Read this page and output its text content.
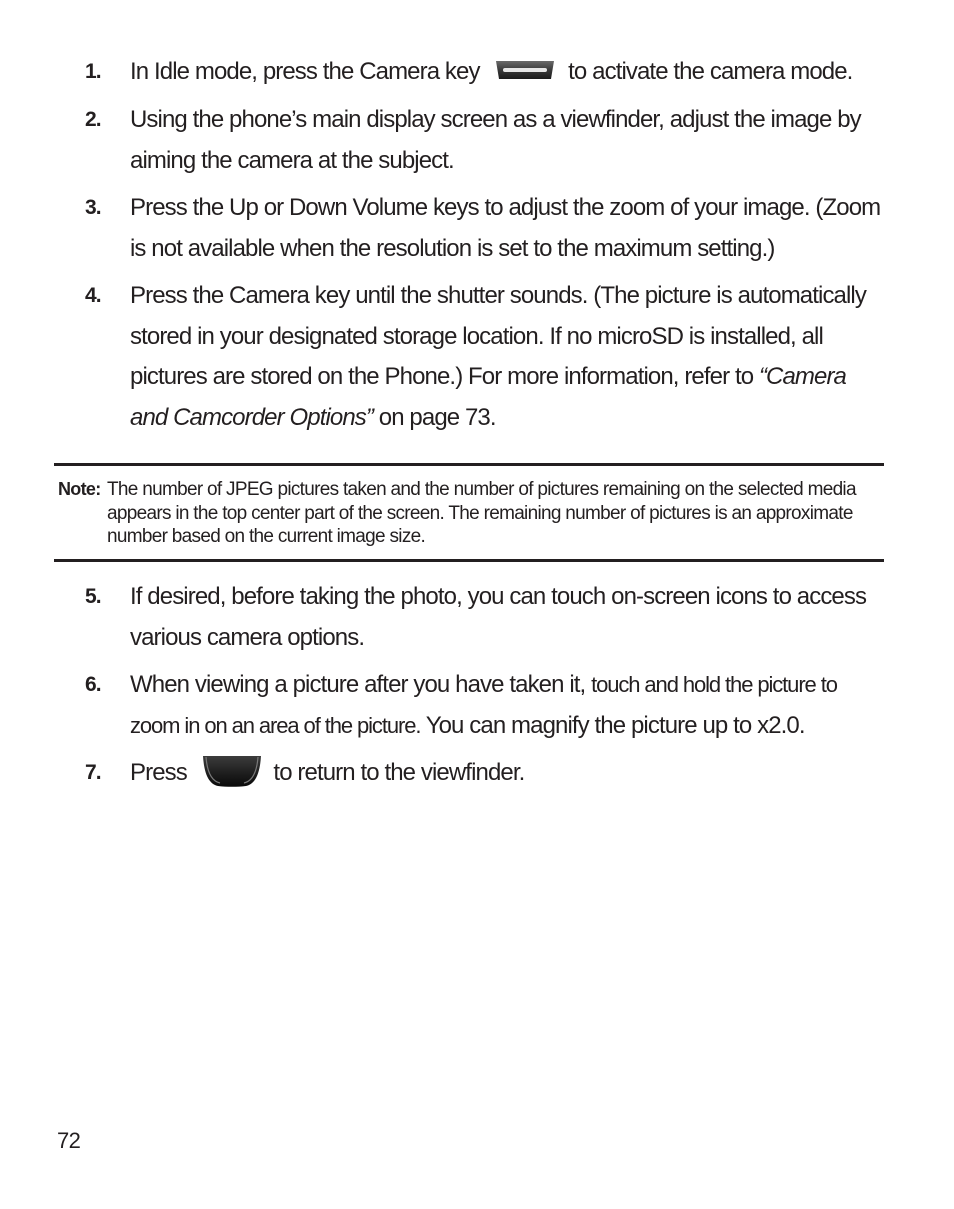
1. In Idle mode, press the Camera key	to activate the camera mode.
2. Using the phone’s main display screen as a viewfinder, adjust the image by aiming the camera at the subject.
3. Press the Up or Down Volume keys to adjust the zoom of your image. (Zoom is not available when the resolution is set to the maximum setting.)
4. Press the Camera key until the shutter sounds. (The picture is automatically stored in your designated storage location. If no microSD is installed, all pictures are stored on the Phone.) For more information, refer to “Camera and Camcorder Options” on page 73.
Note: The number of JPEG pictures taken and the number of pictures remaining on the selected media appears in the top center part of the screen. The remaining number of pictures is an approximate number based on the current image size.
5. If desired, before taking the photo, you can touch on-screen icons to access various camera options.
6. When viewing a picture after you have taken it, touch and hold the picture to zoom in on an area of the picture. You can magnify the picture up to x2.0.
7. Press	to return to the viewfinder.
72
